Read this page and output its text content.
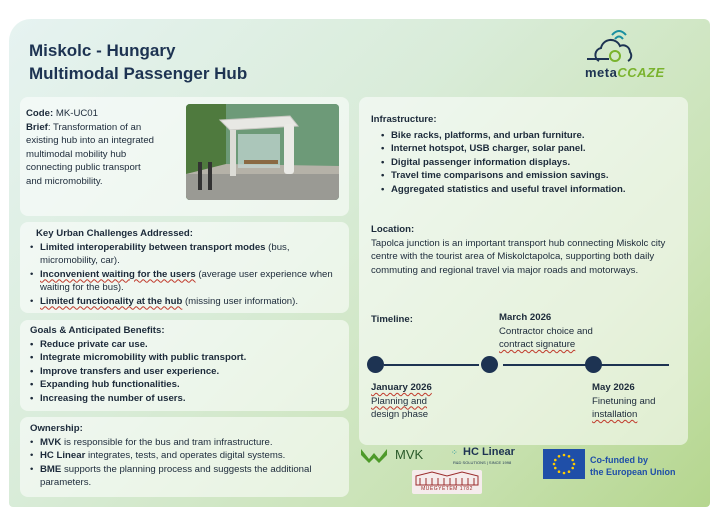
Miskolc - Hungary
Multimodal Passenger Hub	metaCCAZE
Code: MK-UC01
Brief: Transformation of an existing hub into an integrated multimodal mobility hub connecting public transport and micromobility.
Key Urban Challenges Addressed:
• Limited interoperability between transport modes (bus, micromobility, car).
• Inconvenient waiting for the users (average user experience when waiting for the bus).
• Limited functionality at the hub (missing user information).
Goals & Anticipated Benefits:
• Reduce private car use.
• Integrate micromobility with public transport.
• Improve transfers and user experience.
• Expanding hub functionalities.
• Increasing the number of users.
Ownership:
• MVK is responsible for the bus and tram infrastructure.
• HC Linear integrates, tests, and operates digital systems.
• BME supports the planning process and suggests the additional parameters.
Infrastructure:
• Bike racks, platforms, and urban furniture.
• Internet hotspot, USB charger, solar panel.
• Digital passenger information displays.
• Travel time comparisons and emission savings.
• Aggregated statistics and useful travel information.
Location:
Tapolca junction is an important transport hub connecting Miskolc city centre with the tourist area of Miskolctapolca, supporting both daily commuting and regional travel via major roads and motorways.
Timeline:	March 2026
Contractor choice and
contract signature
January 2026
Planning and
design phase
May 2026
Finetuning and
installation
MVK	⁘ HC Linear
R&D SOLUTIONS | SINCE 1998
MŰEGYETEM 1782
Co-funded by
the European Union
